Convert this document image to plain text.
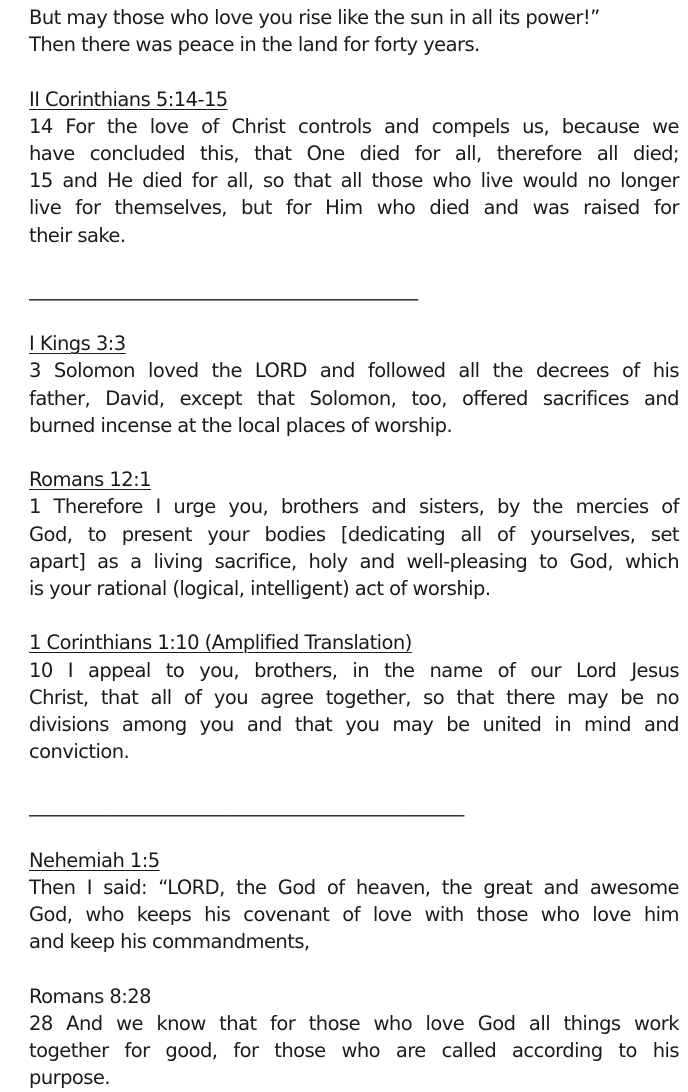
But may those who love you rise like the sun in all its power!”
Then there was peace in the land for forty years.
II Corinthians 5:14-15
14 For the love of Christ controls and compels us, because we
have concluded this, that One died for all, therefore all died;
15 and He died for all, so that all those who live would no longer
live for themselves, but for Him who died and was raised for
their sake.
__________________________________________
I Kings 3:3
3 Solomon loved the LORD and followed all the decrees of his
father, David, except that Solomon, too, offered sacrifices and
burned incense at the local places of worship.
Romans 12:1
1 Therefore I urge you, brothers and sisters, by the mercies of
God, to present your bodies [dedicating all of yourselves, set
apart] as a living sacrifice, holy and well-pleasing to God, which
is your rational (logical, intelligent) act of worship.
1 Corinthians 1:10 (Amplified Translation)
10 I appeal to you, brothers, in the name of our Lord Jesus
Christ, that all of you agree together, so that there may be no
divisions among you and that you may be united in mind and
conviction.
_______________________________________________
Nehemiah 1:5
Then I said: “LORD, the God of heaven, the great and awesome
God, who keeps his covenant of love with those who love him
and keep his commandments,
Romans 8:28
28 And we know that for those who love God all things work
together for good, for those who are called according to his
purpose.
